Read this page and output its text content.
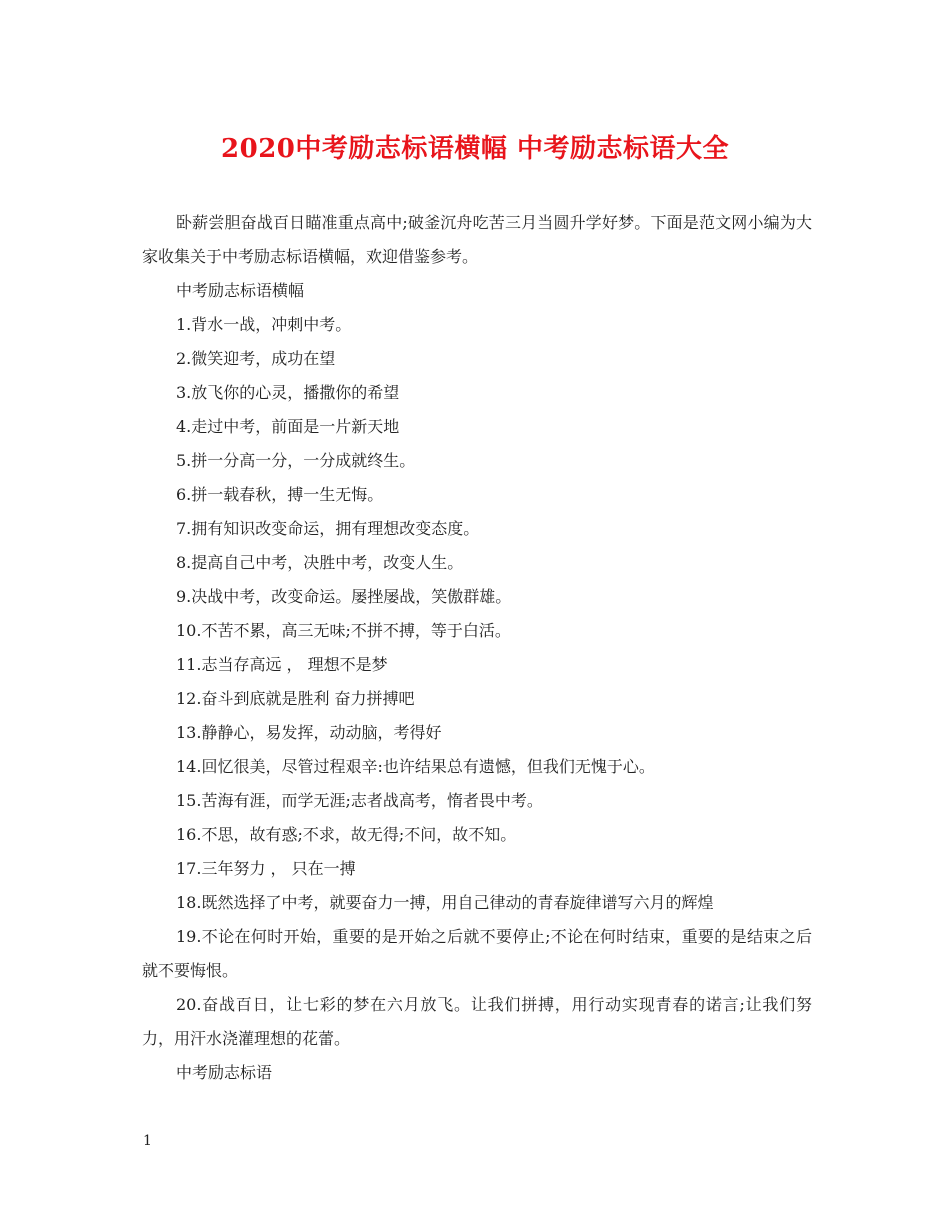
2020中考励志标语横幅 中考励志标语大全

卧薪尝胆奋战百日瞄准重点高中;破釜沉舟吃苦三月当圆升学好梦。下面是范文网小编为大家收集关于中考励志标语横幅，欢迎借鉴参考。

中考励志标语横幅

1.背水一战，冲刺中考。

2.微笑迎考，成功在望

3.放飞你的心灵，播撒你的希望

4.走过中考，前面是一片新天地

5.拼一分高一分，一分成就终生。

6.拼一载春秋，搏一生无悔。

7.拥有知识改变命运，拥有理想改变态度。

8.提高自己中考，决胜中考，改变人生。

9.决战中考，改变命运。屡挫屡战，笑傲群雄。

10.不苦不累，高三无味;不拼不搏，等于白活。

11.志当存高远 ， 理想不是梦

12.奋斗到底就是胜利 奋力拼搏吧

13.静静心，易发挥，动动脑，考得好

14.回忆很美，尽管过程艰辛:也许结果总有遗憾，但我们无愧于心。

15.苦海有涯，而学无涯;志者战高考，惰者畏中考。

16.不思，故有惑;不求，故无得;不问，故不知。

17.三年努力 ， 只在一搏

18.既然选择了中考，就要奋力一搏，用自己律动的青春旋律谱写六月的辉煌

19.不论在何时开始，重要的是开始之后就不要停止;不论在何时结束，重要的是结束之后就不要悔恨。

20.奋战百日，让七彩的梦在六月放飞。让我们拼搏，用行动实现青春的诺言;让我们努力，用汗水浇灌理想的花蕾。

中考励志标语

1
